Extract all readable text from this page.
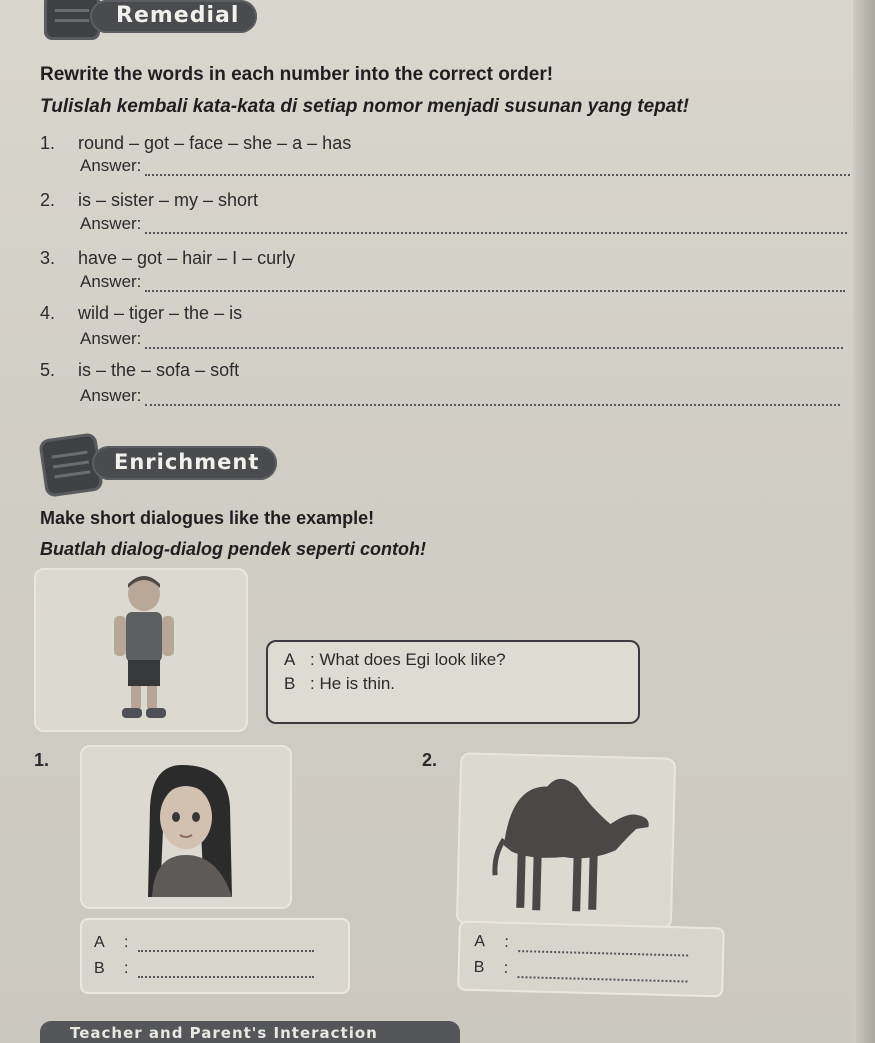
Remedial
Rewrite the words in each number into the correct order!
Tulislah kembali kata-kata di setiap nomor menjadi susunan yang tepat!
1. round – got – face – she – a – has
Answer:
2. is – sister – my – short
Answer:
3. have – got – hair – I – curly
Answer:
4. wild – tiger – the – is
Answer:
5. is – the – sofa – soft
Answer:
Enrichment
Make short dialogues like the example!
Buatlah dialog-dialog pendek seperti contoh!
A : What does Egi look like?
B : He is thin.
1.
A	:
B	:
2.
A	:
B	:
Teacher and Parent's Interaction
